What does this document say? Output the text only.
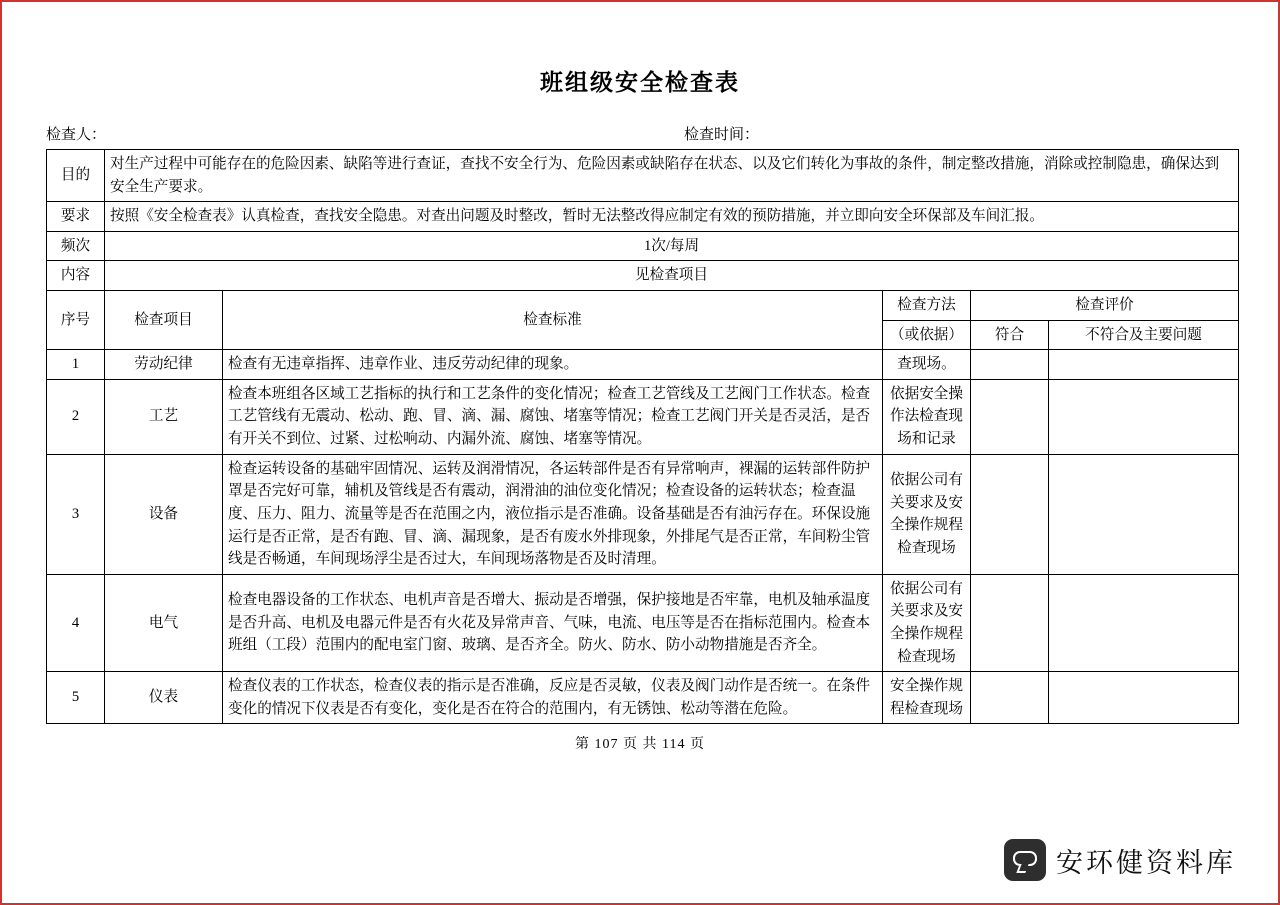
班组级安全检查表
检查人：	检查时间：
目的	对生产过程中可能存在的危险因素、缺陷等进行查证，查找不安全行为、危险因素或缺陷存在状态、以及它们转化为事故的条件，制定整改措施，消除或控制隐患，确保达到安全生产要求。				
要求	按照《安全检查表》认真检查，查找安全隐患。对查出问题及时整改，暂时无法整改得应制定有效的预防措施，并立即向安全环保部及车间汇报。				
频次	1次/每周				
内容	见检查项目				
序号	检查项目	检查标准	检查方法	检查评价	
			（或依据）	符合	不符合及主要问题
1	劳动纪律	检查有无违章指挥、违章作业、违反劳动纪律的现象。	查现场。		
2	工艺	检查本班组各区域工艺指标的执行和工艺条件的变化情况；检查工艺管线及工艺阀门工作状态。检查工艺管线有无震动、松动、跑、冒、滴、漏、腐蚀、堵塞等情况；检查工艺阀门开关是否灵活，是否有开关不到位、过紧、过松响动、内漏外流、腐蚀、堵塞等情况。	依据安全操作法检查现场和记录		
3	设备	检查运转设备的基础牢固情况、运转及润滑情况，各运转部件是否有异常响声，裸漏的运转部件防护罩是否完好可靠，辅机及管线是否有震动，润滑油的油位变化情况；检查设备的运转状态；检查温度、压力、阻力、流量等是否在范围之内，液位指示是否准确。设备基础是否有油污存在。环保设施运行是否正常，是否有跑、冒、滴、漏现象，是否有废水外排现象，外排尾气是否正常，车间粉尘管线是否畅通，车间现场浮尘是否过大，车间现场落物是否及时清理。	依据公司有关要求及安全操作规程检查现场		
4	电气	检查电器设备的工作状态、电机声音是否增大、振动是否增强，保护接地是否牢靠，电机及轴承温度是否升高、电机及电器元件是否有火花及异常声音、气味，电流、电压等是否在指标范围内。检查本班组（工段）范围内的配电室门窗、玻璃、是否齐全。防火、防水、防小动物措施是否齐全。	依据公司有关要求及安全操作规程检查现场		
5	仪表	检查仪表的工作状态，检查仪表的指示是否准确，反应是否灵敏，仪表及阀门动作是否统一。在条件变化的情况下仪表是否有变化，变化是否在符合的范围内，有无锈蚀、松动等潜在危险。	安全操作规程检查现场		
第 107 页 共 114 页
安环健资料库
